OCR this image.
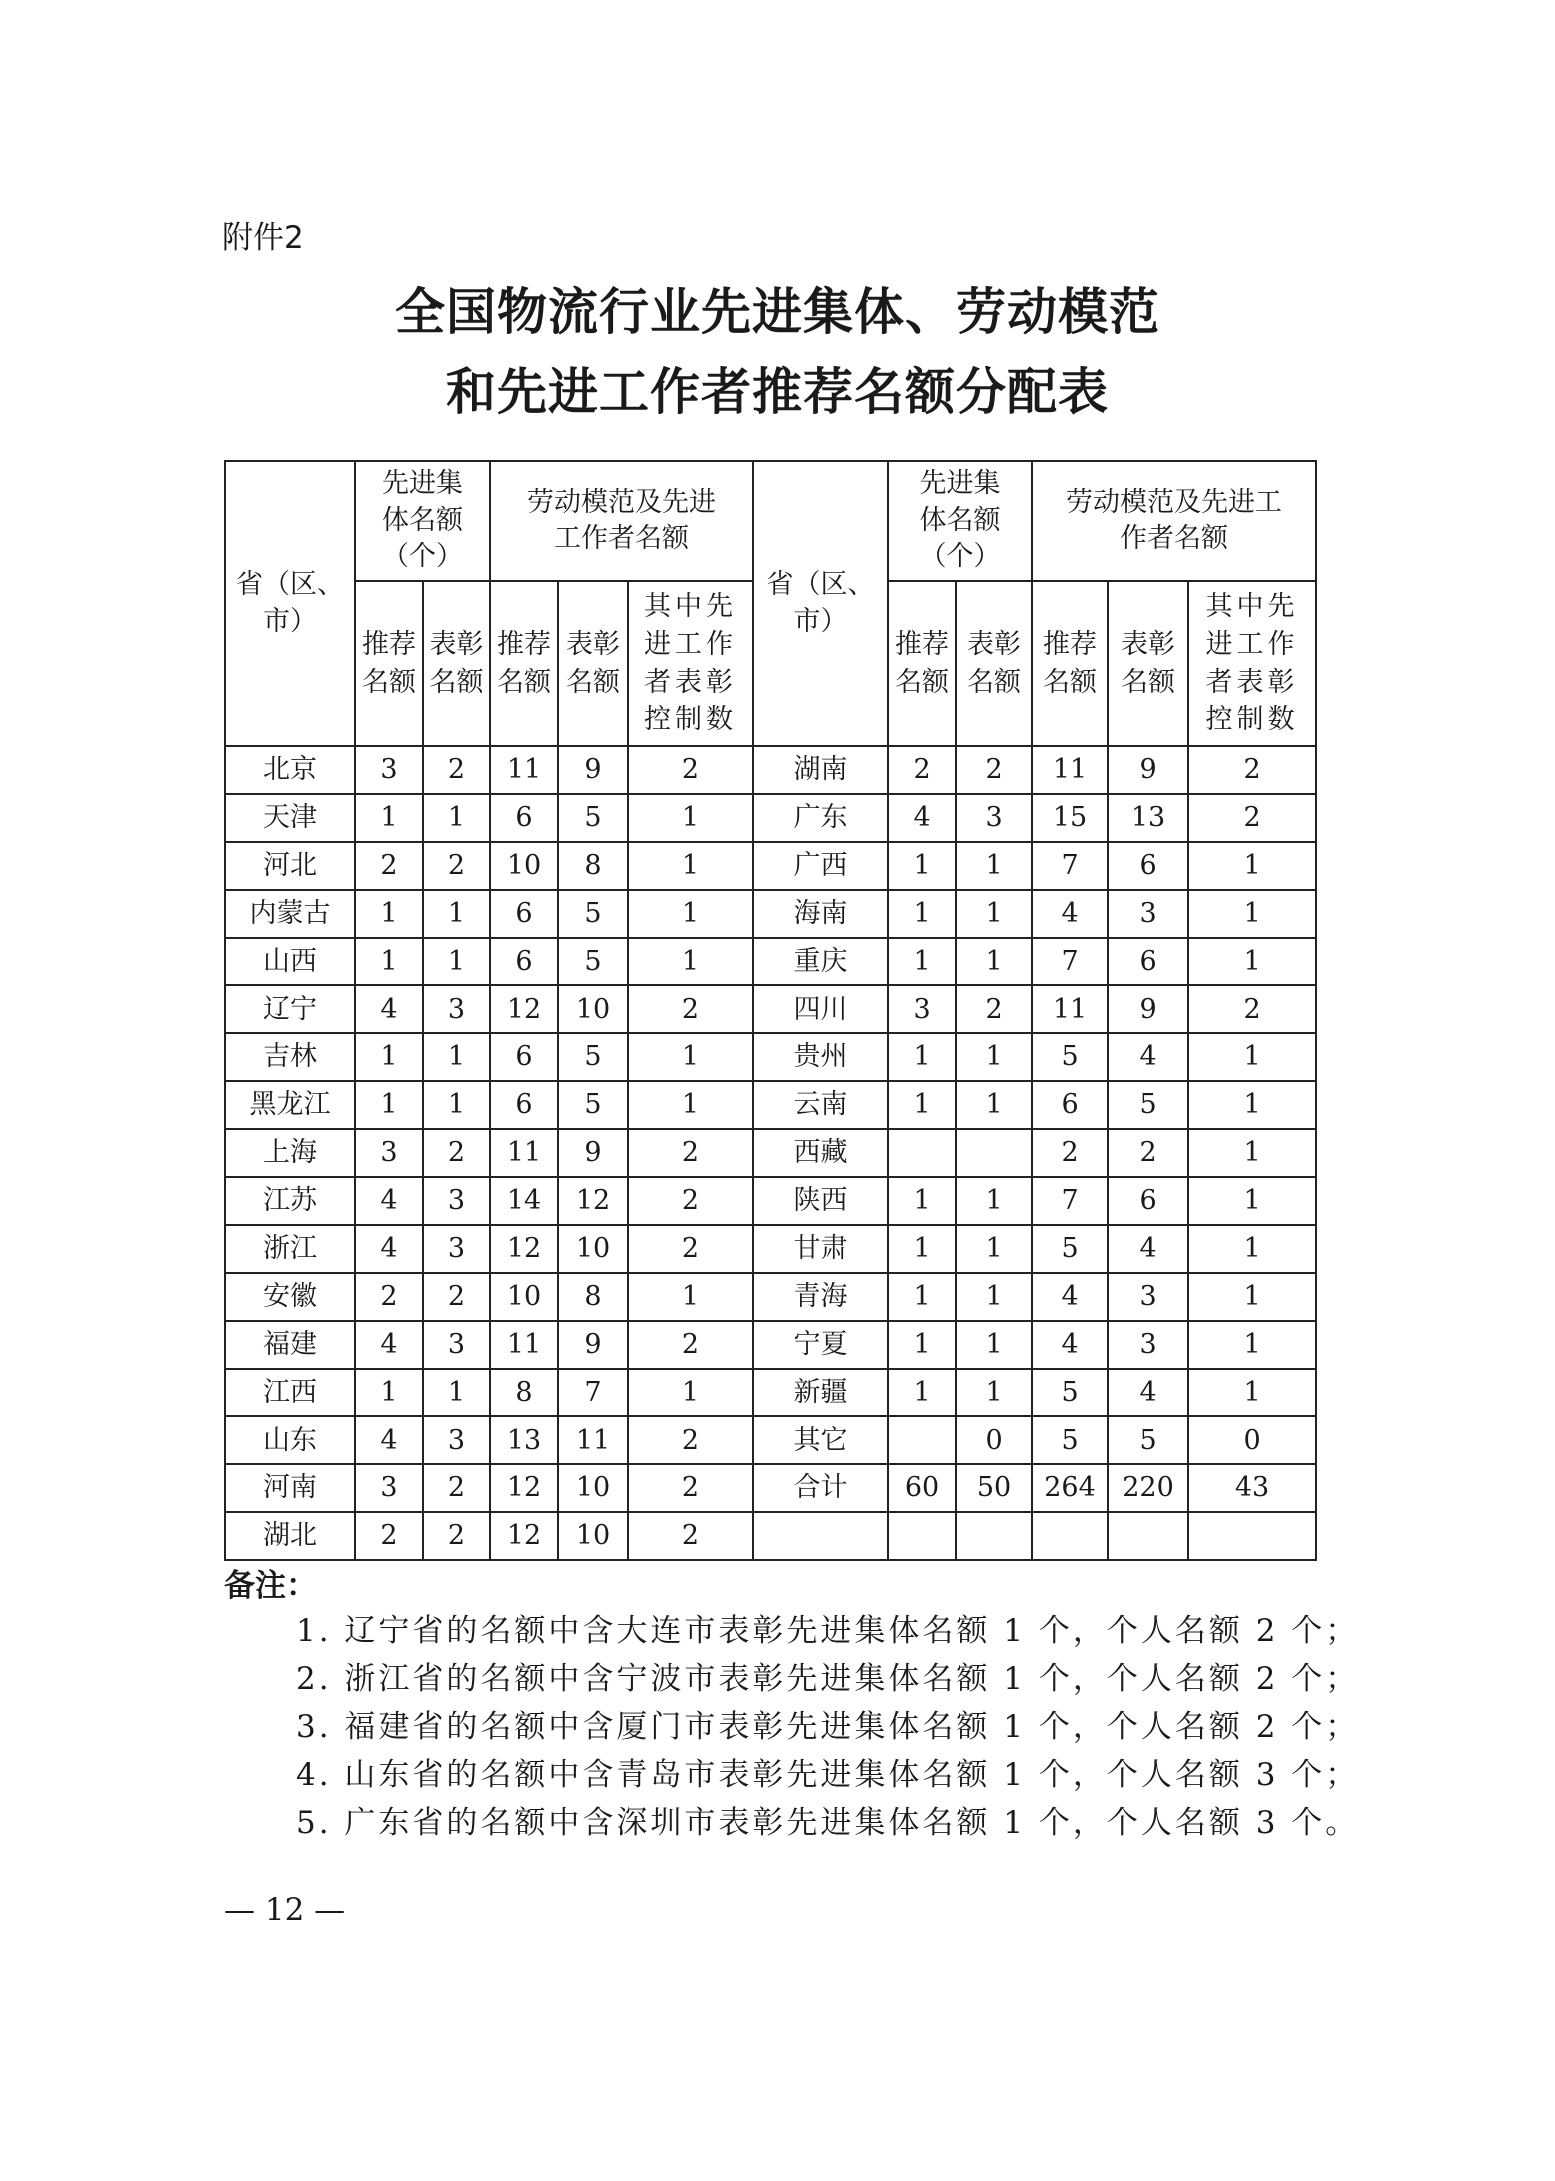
附件2
全国物流行业先进集体、劳动模范
和先进工作者推荐名额分配表
省（区、市）	先进集体名额（个）		劳动模范及先进工作者名额			省（区、市）	先进集体名额（个）		劳动模范及先进工作者名额		
	推荐名额	表彰名额	推荐名额	表彰名额	其中先进工作者表彰控制数		推荐名额	表彰名额	推荐名额	表彰名额	其中先进工作者表彰控制数
北京	3	2	11	9	2	湖南	2	2	11	9	2
天津	1	1	6	5	1	广东	4	3	15	13	2
河北	2	2	10	8	1	广西	1	1	7	6	1
内蒙古	1	1	6	5	1	海南	1	1	4	3	1
山西	1	1	6	5	1	重庆	1	1	7	6	1
辽宁	4	3	12	10	2	四川	3	2	11	9	2
吉林	1	1	6	5	1	贵州	1	1	5	4	1
黑龙江	1	1	6	5	1	云南	1	1	6	5	1
上海	3	2	11	9	2	西藏			2	2	1
江苏	4	3	14	12	2	陕西	1	1	7	6	1
浙江	4	3	12	10	2	甘肃	1	1	5	4	1
安徽	2	2	10	8	1	青海	1	1	4	3	1
福建	4	3	11	9	2	宁夏	1	1	4	3	1
江西	1	1	8	7	1	新疆	1	1	5	4	1
山东	4	3	13	11	2	其它		0	5	5	0
河南	3	2	12	10	2	合计	60	50	264	220	43
湖北	2	2	12	10	2						
备注：
1. 辽宁省的名额中含大连市表彰先进集体名额 1 个，个人名额 2 个；
2. 浙江省的名额中含宁波市表彰先进集体名额 1 个，个人名额 2 个；
3. 福建省的名额中含厦门市表彰先进集体名额 1 个，个人名额 2 个；
4. 山东省的名额中含青岛市表彰先进集体名额 1 个，个人名额 3 个；
5. 广东省的名额中含深圳市表彰先进集体名额 1 个，个人名额 3 个。
— 12 —
